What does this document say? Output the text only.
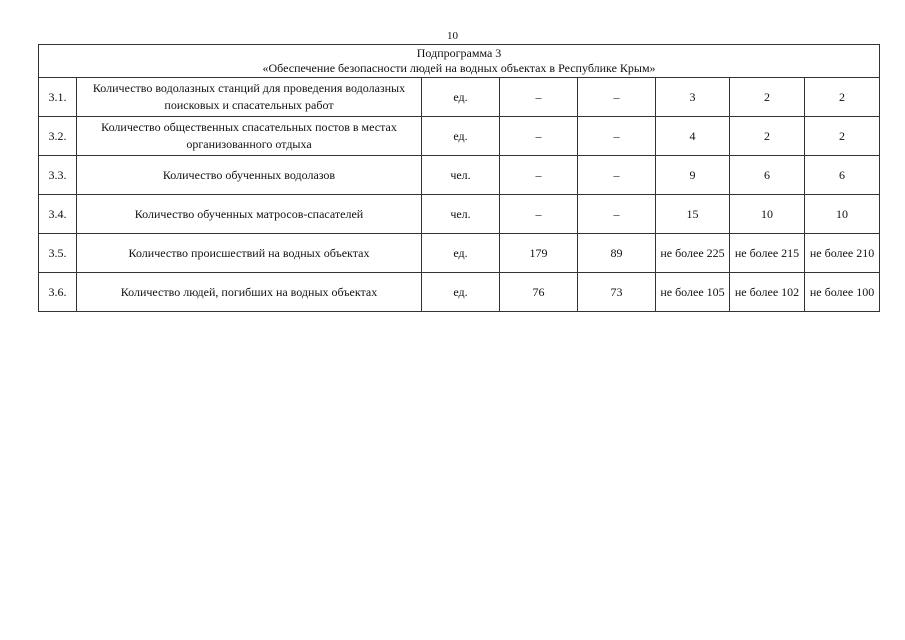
10
Подпрограмма 3
«Обеспечение безопасности людей на водных объектах в Республике Крым»							

3.1.	Количество водолазных станций для проведения водолазных поисковых и спасательных работ	ед.	–	–	3	2	2
3.2.	Количество общественных спасательных постов в местах организованного отдыха	ед.	–	–	4	2	2
3.3.	Количество обученных водолазов	чел.	–	–	9	6	6
3.4.	Количество обученных матросов-спасателей	чел.	–	–	15	10	10
3.5.	Количество происшествий на водных объектах	ед.	179	89	не более 225	не более 215	не более 210
3.6.	Количество людей, погибших на водных объектах	ед.	76	73	не более 105	не более 102	не более 100
